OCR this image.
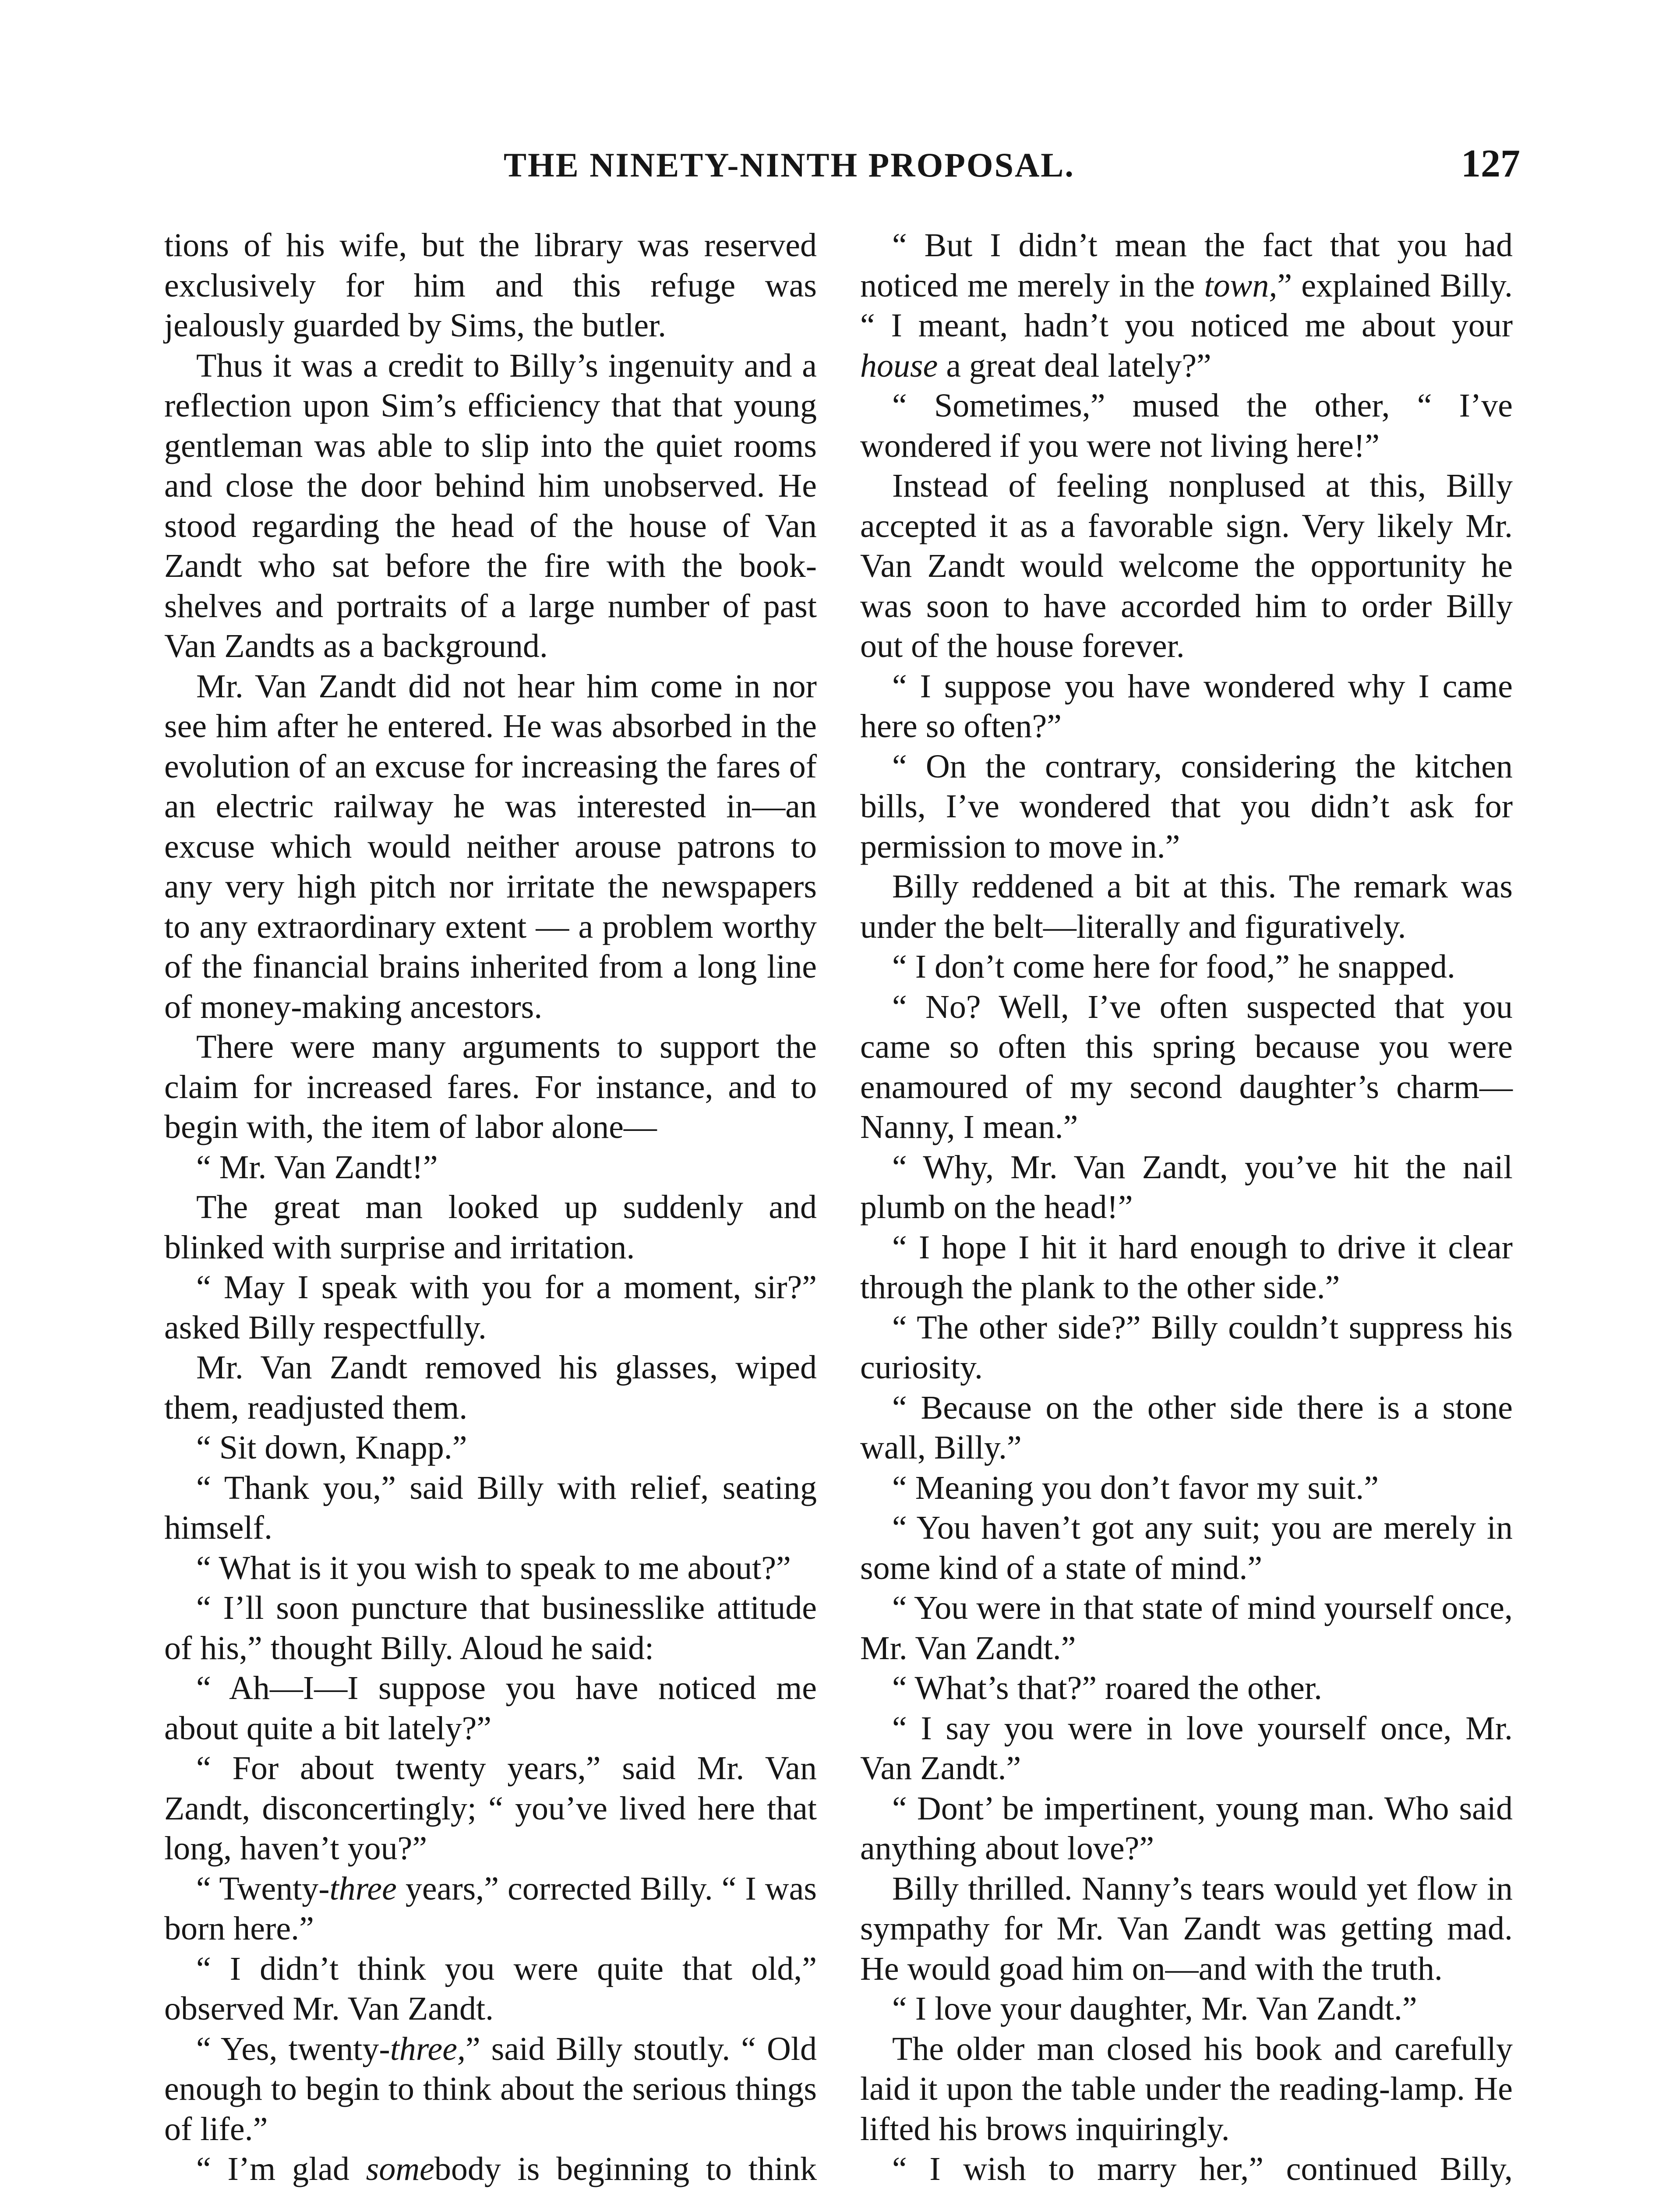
THE NINETY-NINTH PROPOSAL.	127

tions of his wife, but the library was reserved exclusively for him and this refuge was jealously guarded by Sims, the butler.

Thus it was a credit to Billy’s ingenuity and a reflection upon Sim’s efficiency that that young gentleman was able to slip into the quiet rooms and close the door behind him unobserved. He stood regarding the head of the house of Van Zandt who sat before the fire with the book-shelves and portraits of a large number of past Van Zandts as a background.

Mr. Van Zandt did not hear him come in nor see him after he entered. He was absorbed in the evolution of an excuse for increasing the fares of an electric railway he was interested in—an excuse which would neither arouse patrons to any very high pitch nor irritate the newspapers to any extraordinary extent — a problem worthy of the financial brains inherited from a long line of money-making ancestors.

There were many arguments to support the claim for increased fares. For instance, and to begin with, the item of labor alone—

“ Mr. Van Zandt!”

The great man looked up suddenly and blinked with surprise and irritation.

“ May I speak with you for a moment, sir?” asked Billy respectfully.

Mr. Van Zandt removed his glasses, wiped them, readjusted them.

“ Sit down, Knapp.”

“ Thank you,” said Billy with relief, seating himself.

“ What is it you wish to speak to me about?”

“ I’ll soon puncture that businesslike attitude of his,” thought Billy. Aloud he said:

“ Ah—I—I suppose you have noticed me about quite a bit lately?”

“ For about twenty years,” said Mr. Van Zandt, disconcertingly; “ you’ve lived here that long, haven’t you?”

“ Twenty-three years,” corrected Billy. “ I was born here.”

“ I didn’t think you were quite that old,” observed Mr. Van Zandt.

“ Yes, twenty-three,” said Billy stoutly. “ Old enough to begin to think about the serious things of life.”

“ I’m glad somebody is beginning to think

“ But I didn’t mean the fact that you had noticed me merely in the town,” explained Billy. “ I meant, hadn’t you noticed me about your house a great deal lately?”

“ Sometimes,” mused the other, “ I’ve wondered if you were not living here!”

Instead of feeling nonplused at this, Billy accepted it as a favorable sign. Very likely Mr. Van Zandt would welcome the opportunity he was soon to have accorded him to order Billy out of the house forever.

“ I suppose you have wondered why I came here so often?”

“ On the contrary, considering the kitchen bills, I’ve wondered that you didn’t ask for permission to move in.”

Billy reddened a bit at this. The remark was under the belt—literally and figuratively.

“ I don’t come here for food,” he snapped.

“ No? Well, I’ve often suspected that you came so often this spring because you were enamoured of my second daughter’s charm—Nanny, I mean.”

“ Why, Mr. Van Zandt, you’ve hit the nail plumb on the head!”

“ I hope I hit it hard enough to drive it clear through the plank to the other side.”

“ The other side?” Billy couldn’t suppress his curiosity.

“ Because on the other side there is a stone wall, Billy.”

“ Meaning you don’t favor my suit.”

“ You haven’t got any suit; you are merely in some kind of a state of mind.”

“ You were in that state of mind yourself once, Mr. Van Zandt.”

“ What’s that?” roared the other.

“ I say you were in love yourself once, Mr. Van Zandt.”

“ Dont’ be impertinent, young man. Who said anything about love?”

Billy thrilled. Nanny’s tears would yet flow in sympathy for Mr. Van Zandt was getting mad. He would goad him on—and with the truth.

“ I love your daughter, Mr. Van Zandt.”

The older man closed his book and carefully laid it upon the table under the reading-lamp. He lifted his brows inquiringly.

“ I wish to marry her,” continued Billy,
